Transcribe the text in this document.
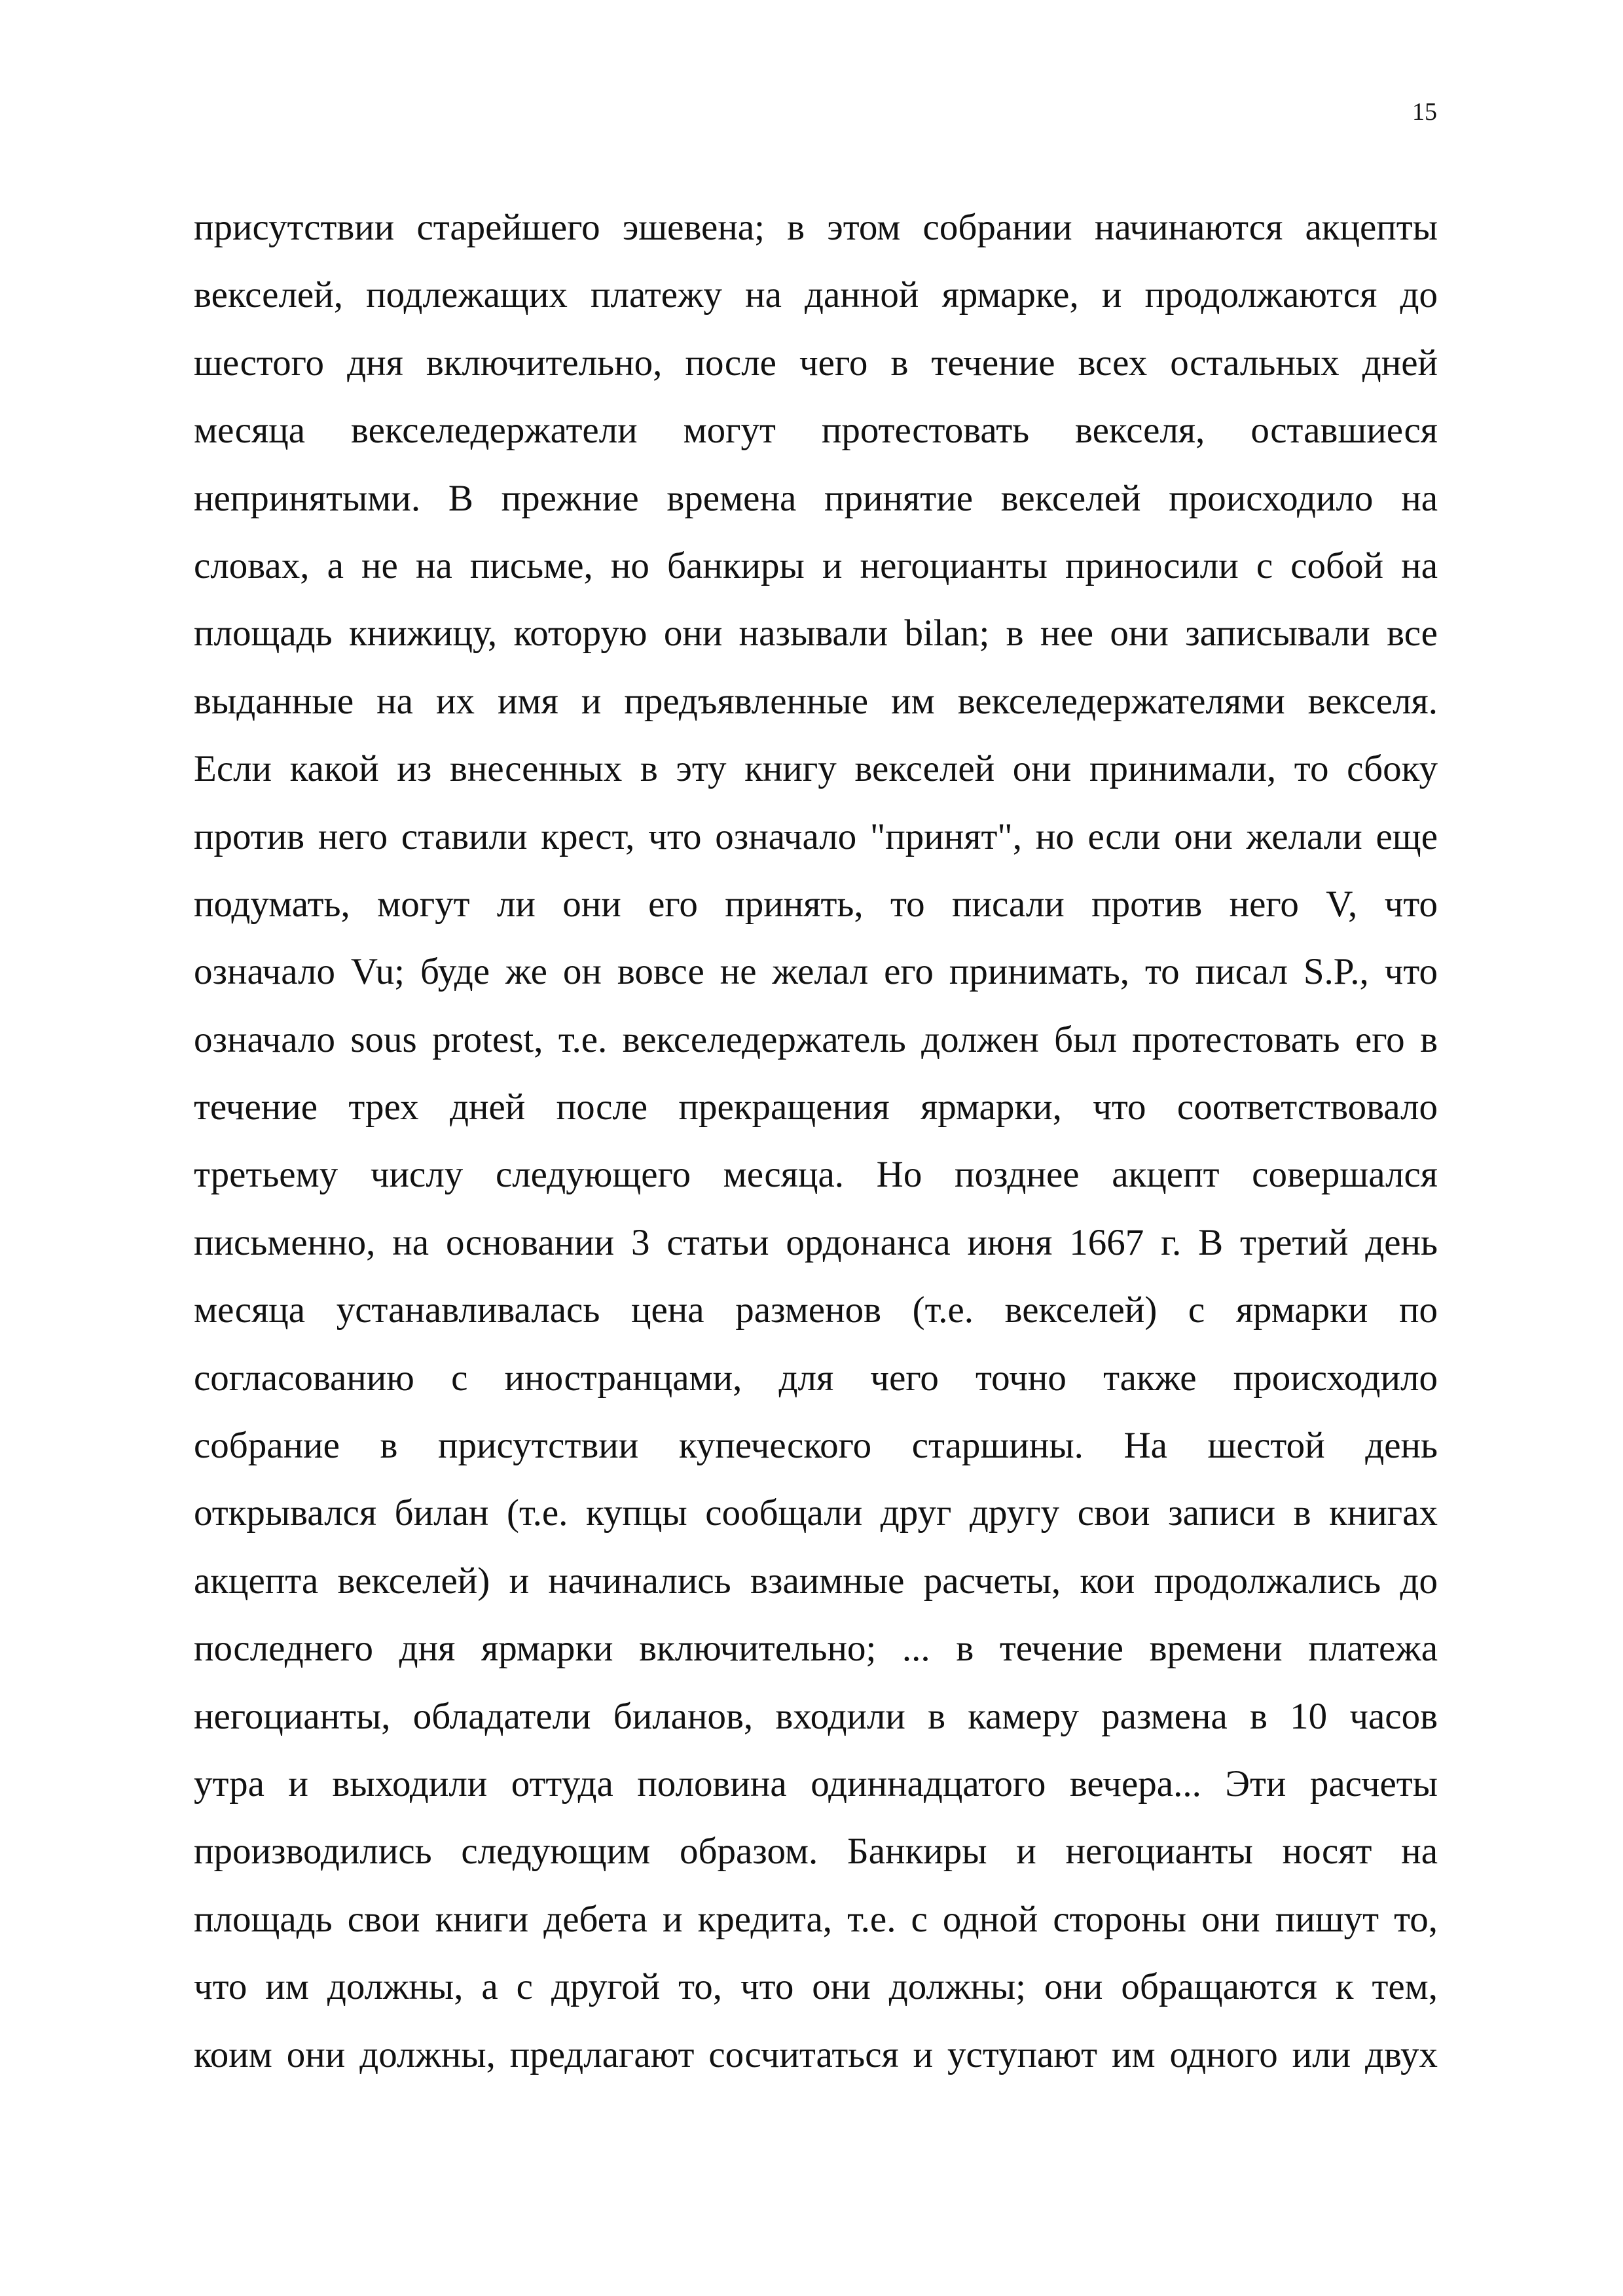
15
присутствии старейшего эшевена; в этом собрании начинаются акцепты
векселей, подлежащих платежу на данной ярмарке, и продолжаются до
шестого дня включительно, после чего в течение всех остальных дней
месяца векселедержатели могут протестовать векселя, оставшиеся
непринятыми. В прежние времена принятие векселей происходило на
словах, а не на письме, но банкиры и негоцианты приносили с собой на
площадь книжицу, которую они называли bilan; в нее они записывали все
выданные на их имя и предъявленные им векселедержателями векселя.
Если какой из внесенных в эту книгу векселей они принимали, то сбоку
против него ставили крест, что означало "принят", но если они желали еще
подумать, могут ли они его принять, то писали против него V, что
означало Vu; буде же он вовсе не желал его принимать, то писал S.P., что
означало sous protest, т.е. векселедержатель должен был протестовать его в
течение трех дней после прекращения ярмарки, что соответствовало
третьему числу следующего месяца. Но позднее акцепт совершался
письменно, на основании 3 статьи ордонанса июня 1667 г. В третий день
месяца устанавливалась цена разменов (т.е. векселей) с ярмарки по
согласованию с иностранцами, для чего точно также происходило
собрание в присутствии купеческого старшины. На шестой день
открывался билан (т.е. купцы сообщали друг другу свои записи в книгах
акцепта векселей) и начинались взаимные расчеты, кои продолжались до
последнего дня ярмарки включительно; ... в течение времени платежа
негоцианты, обладатели биланов, входили в камеру размена в 10 часов
утра и выходили оттуда половина одиннадцатого вечера... Эти расчеты
производились следующим образом. Банкиры и негоцианты носят на
площадь свои книги дебета и кредита, т.е. с одной стороны они пишут то,
что им должны, а с другой то, что они должны; они обращаются к тем,
коим они должны, предлагают сосчитаться и уступают им одного или двух
